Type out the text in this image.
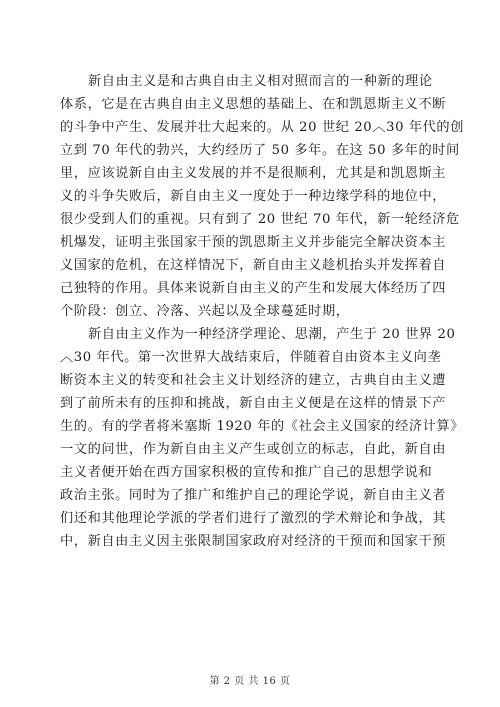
新自由主义是和古典自由主义相对照而言的一种新的理论
体系，它是在古典自由主义思想的基础上、在和凯恩斯主义不断
的斗争中产生、发展并壮大起来的。从 20 世纪 20︿30 年代的创
立到 70 年代的勃兴，大约经历了 50 多年。在这 50 多年的时间
里，应该说新自由主义发展的并不是很顺利，尤其是和凯恩斯主
义的斗争失败后，新自由主义一度处于一种边缘学科的地位中，
很少受到人们的重视。只有到了 20 世纪 70 年代，新一轮经济危
机爆发，证明主张国家干预的凯恩斯主义并步能完全解决资本主
义国家的危机，在这样情况下，新自由主义趁机抬头并发挥着自
己独特的作用。具体来说新自由主义的产生和发展大体经历了四
个阶段：创立、冷落、兴起以及全球蔓延时期，
新自由主义作为一种经济学理论、思潮，产生于 20 世界 20
︿30 年代。第一次世界大战结束后，伴随着自由资本主义向垄
断资本主义的转变和社会主义计划经济的建立，古典自由主义遭
到了前所未有的压抑和挑战，新自由主义便是在这样的情景下产
生的。有的学者将米塞斯 1920 年的《社会主义国家的经济计算》
一文的问世，作为新自由主义产生或创立的标志，自此，新自由
主义者便开始在西方国家积极的宣传和推广自己的思想学说和
政治主张。同时为了推广和维护自己的理论学说，新自由主义者
们还和其他理论学派的学者们进行了激烈的学术辩论和争战，其
中，新自由主义因主张限制国家政府对经济的干预而和国家干预
第 2 页 共 16 页
